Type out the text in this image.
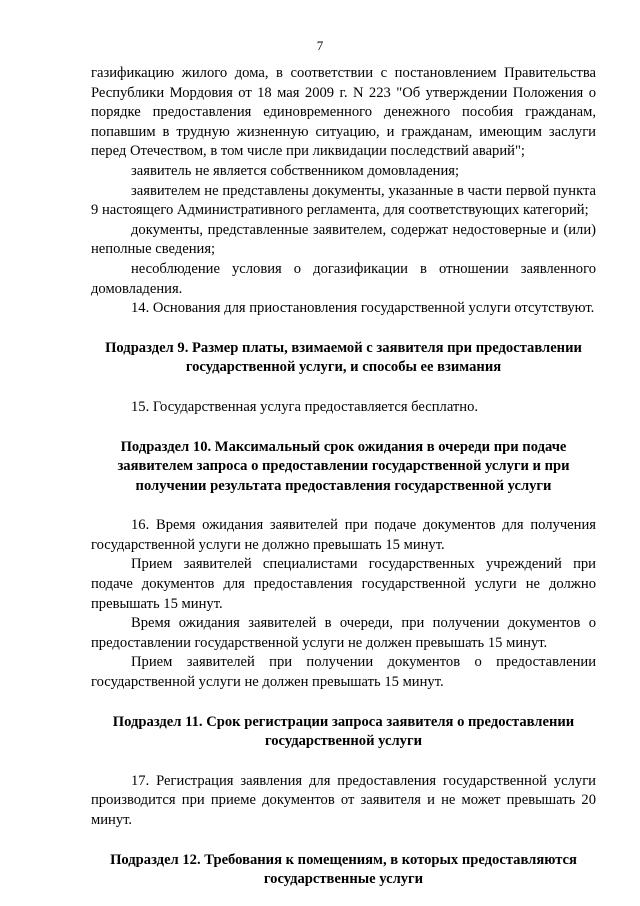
7

газификацию жилого дома, в соответствии с постановлением Правительства Республики Мордовия от 18 мая 2009 г. N 223 "Об утверждении Положения о порядке предоставления единовременного денежного пособия гражданам, попавшим в трудную жизненную ситуацию, и гражданам, имеющим заслуги перед Отечеством, в том числе при ликвидации последствий аварий";

заявитель не является собственником домовладения;

заявителем не представлены документы, указанные в части первой пункта 9 настоящего Административного регламента, для соответствующих категорий;

документы, представленные заявителем, содержат недостоверные и (или) неполные сведения;

несоблюдение условия о догазификации в отношении заявленного домовладения.

14. Основания для приостановления государственной услуги отсутствуют.

Подраздел 9. Размер платы, взимаемой с заявителя при предоставлении государственной услуги, и способы ее взимания

15. Государственная услуга предоставляется бесплатно.

Подраздел 10. Максимальный срок ожидания в очереди при подаче заявителем запроса о предоставлении государственной услуги и при получении результата предоставления государственной услуги

16. Время ожидания заявителей при подаче документов для получения государственной услуги не должно превышать 15 минут.

Прием заявителей специалистами государственных учреждений при подаче документов для предоставления государственной услуги не должно превышать 15 минут.

Время ожидания заявителей в очереди, при получении документов о предоставлении государственной услуги не должен превышать 15 минут.

Прием заявителей при получении документов о предоставлении государственной услуги не должен превышать 15 минут.

Подраздел 11. Срок регистрации запроса заявителя о предоставлении государственной услуги

17. Регистрация заявления для предоставления государственной услуги производится при приеме документов от заявителя и не может превышать 20 минут.

Подраздел 12. Требования к помещениям, в которых предоставляются государственные услуги
